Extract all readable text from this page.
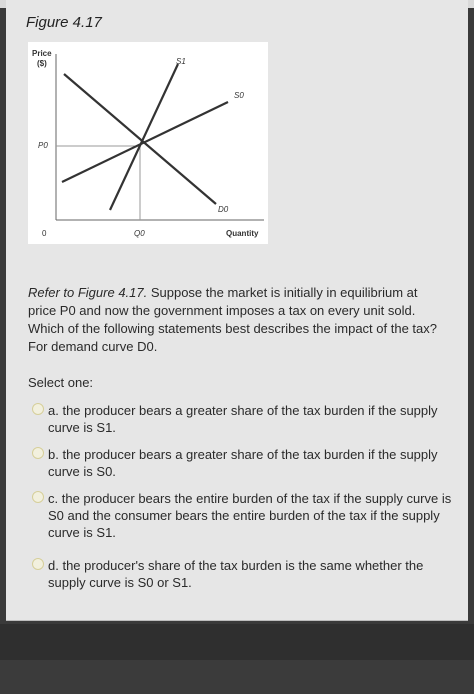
Figure 4.17
Price
($)
P0
0	Q0	Quantity
S1
S0
D0
Refer to Figure 4.17. Suppose the market is initially in equilibrium at price P0 and now the government imposes a tax on every unit sold. Which of the following statements best describes the impact of the tax? For demand curve D0.
Select one:
a. the producer bears a greater share of the tax burden if the supply curve is S1.
b. the producer bears a greater share of the tax burden if the supply curve is S0.
c. the producer bears the entire burden of the tax if the supply curve is S0 and the consumer bears the entire burden of the tax if the supply curve is S1.
d. the producer's share of the tax burden is the same whether the supply curve is S0 or S1.
